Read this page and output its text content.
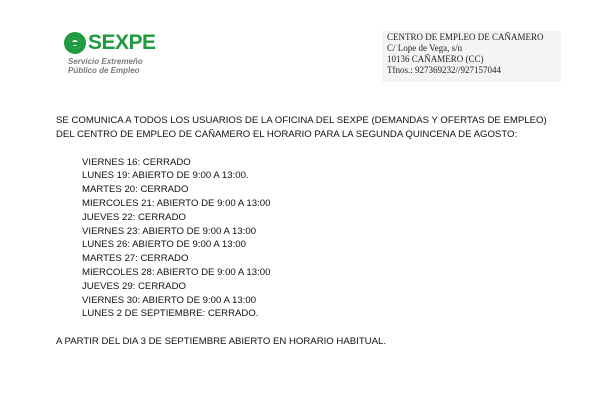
SEXPE
Servicio Extremeño
Público de Empleo
CENTRO DE EMPLEO DE CAÑAMERO
C/ Lope de Vega, s/n
10136 CAÑAMERO (CC)
Tfnos.: 927369232//927157044
SE COMUNICA A TODOS LOS USUARIOS DE LA OFICINA DEL SEXPE (DEMANDAS Y OFERTAS DE EMPLEO)
DEL CENTRO DE EMPLEO DE CAÑAMERO EL HORARIO PARA LA SEGUNDA QUINCENA DE AGOSTO:
VIERNES 16: CERRADO
LUNES 19: ABIERTO DE 9:00 A 13:00.
MARTES 20: CERRADO
MIERCOLES 21: ABIERTO DE 9:00 A 13:00
JUEVES 22: CERRADO
VIERNES 23: ABIERTO DE 9:00 A 13:00
LUNES 26: ABIERTO DE 9:00 A 13:00
MARTES 27: CERRADO
MIERCOLES 28: ABIERTO DE 9:00 A 13:00
JUEVES 29: CERRADO
VIERNES 30: ABIERTO DE 9:00 A 13:00
LUNES 2 DE SEPTIEMBRE: CERRADO.
A PARTIR DEL DIA 3 DE SEPTIEMBRE ABIERTO EN HORARIO HABITUAL.
